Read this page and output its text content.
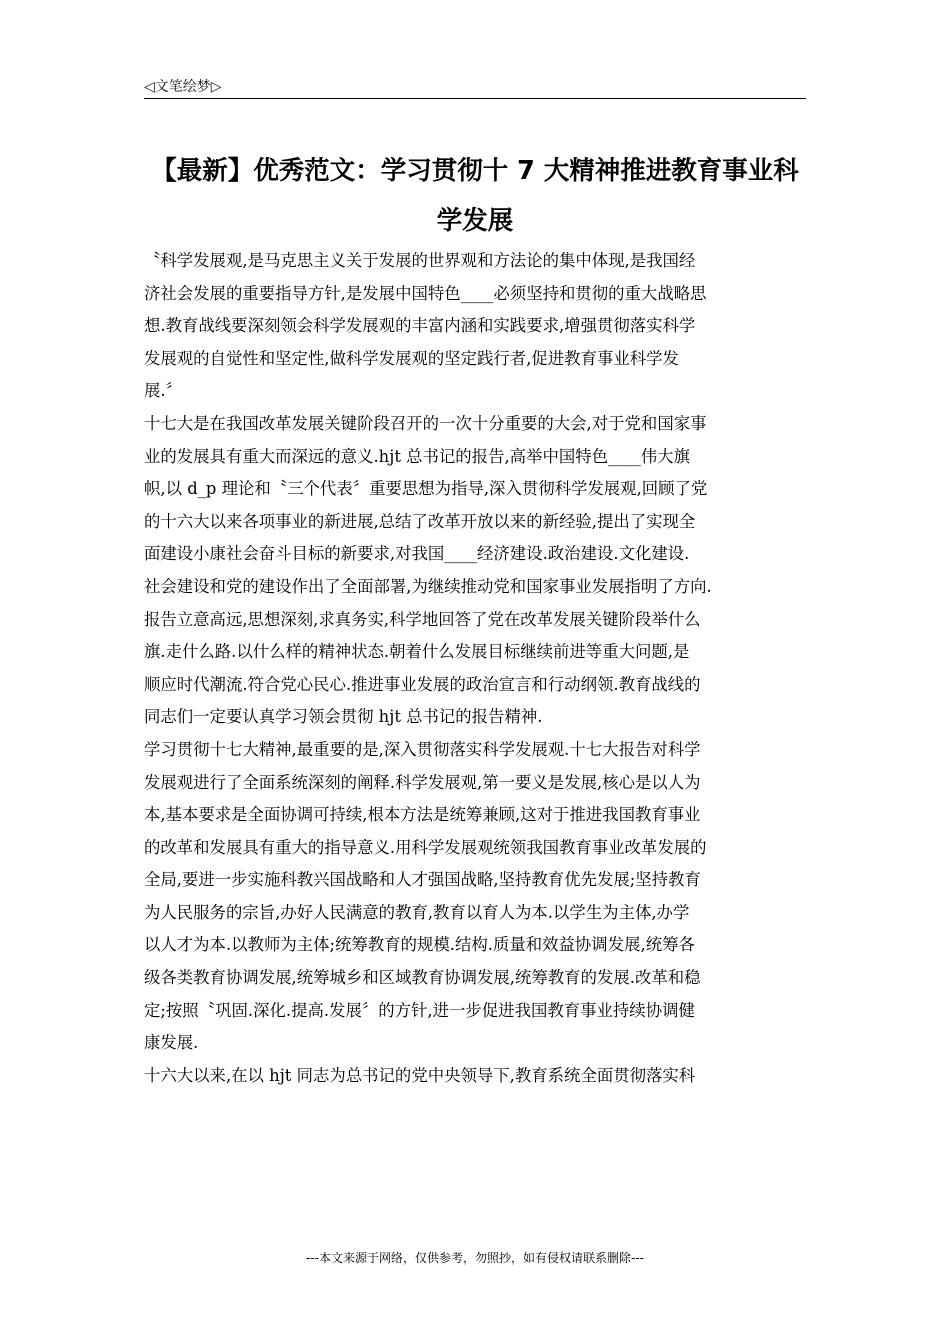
◁文笔绘梦▷
【最新】优秀范文：学习贯彻十 7 大精神推进教育事业科
学发展
〝科学发展观,是马克思主义关于发展的世界观和方法论的集中体现,是我国经
济社会发展的重要指导方针,是发展中国特色____必须坚持和贯彻的重大战略思
想.教育战线要深刻领会科学发展观的丰富内涵和实践要求,增强贯彻落实科学
发展观的自觉性和坚定性,做科学发展观的坚定践行者,促进教育事业科学发
展.〞
十七大是在我国改革发展关键阶段召开的一次十分重要的大会,对于党和国家事
业的发展具有重大而深远的意义.hjt 总书记的报告,高举中国特色____伟大旗
帜,以 d_p 理论和〝三个代表〞重要思想为指导,深入贯彻科学发展观,回顾了党
的十六大以来各项事业的新进展,总结了改革开放以来的新经验,提出了实现全
面建设小康社会奋斗目标的新要求,对我国____经济建设.政治建设.文化建设.
社会建设和党的建设作出了全面部署,为继续推动党和国家事业发展指明了方向.
报告立意高远,思想深刻,求真务实,科学地回答了党在改革发展关键阶段举什么
旗.走什么路.以什么样的精神状态.朝着什么发展目标继续前进等重大问题,是
顺应时代潮流.符合党心民心.推进事业发展的政治宣言和行动纲领.教育战线的
同志们一定要认真学习领会贯彻 hjt 总书记的报告精神.
学习贯彻十七大精神,最重要的是,深入贯彻落实科学发展观.十七大报告对科学
发展观进行了全面系统深刻的阐释.科学发展观,第一要义是发展,核心是以人为
本,基本要求是全面协调可持续,根本方法是统筹兼顾,这对于推进我国教育事业
的改革和发展具有重大的指导意义.用科学发展观统领我国教育事业改革发展的
全局,要进一步实施科教兴国战略和人才强国战略,坚持教育优先发展;坚持教育
为人民服务的宗旨,办好人民满意的教育,教育以育人为本.以学生为主体,办学
以人才为本.以教师为主体;统筹教育的规模.结构.质量和效益协调发展,统筹各
级各类教育协调发展,统筹城乡和区域教育协调发展,统筹教育的发展.改革和稳
定;按照〝巩固.深化.提高.发展〞的方针,进一步促进我国教育事业持续协调健
康发展.
十六大以来,在以 hjt 同志为总书记的党中央领导下,教育系统全面贯彻落实科
---本文来源于网络，仅供参考，勿照抄，如有侵权请联系删除---
